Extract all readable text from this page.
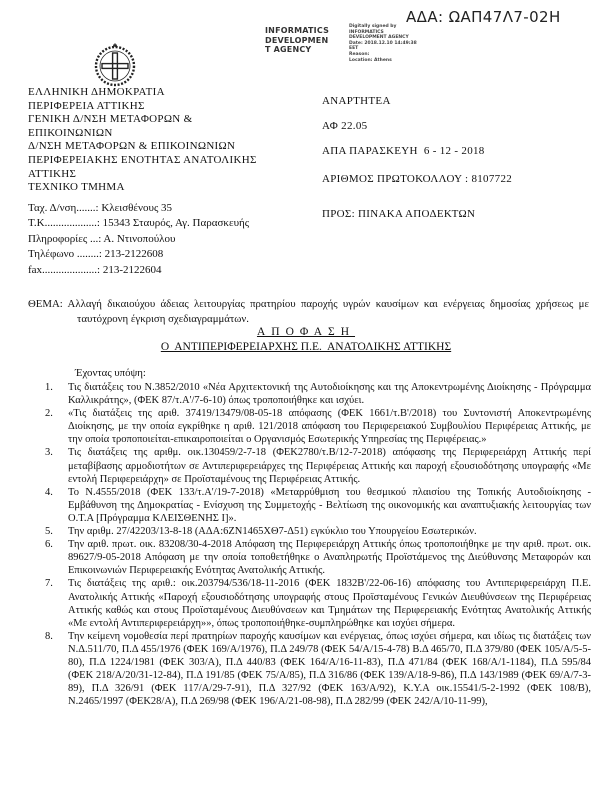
ΑΔΑ: ΩΑΠ47Λ7-02Η
INFORMATICS
DEVELOPMEN
T AGENCY
Digitally signed by
INFORMATICS
DEVELOPMENT AGENCY
Date: 2018.12.10 14:49:38
EET
Reason:
Location: Athens
ΕΛΛΗΝΙΚΗ ΔΗΜΟΚΡΑΤΙΑ
ΠΕΡΙΦΕΡΕΙΑ ΑΤΤΙΚΗΣ
ΓΕΝΙΚΗ Δ/ΝΣΗ ΜΕΤΑΦΟΡΩΝ & ΕΠΙΚΟΙΝΩΝΙΩΝ
Δ/ΝΣΗ ΜΕΤΑΦΟΡΩΝ & ΕΠΙΚΟΙΝΩΝΙΩΝ
ΠΕΡΙΦΕΡΕΙΑΚΗΣ ΕΝΟΤΗΤΑΣ ΑΝΑΤΟΛΙΚΗΣ ΑΤΤΙΚΗΣ
ΤΕΧΝΙΚΟ ΤΜΗΜΑ
ΑΝΑΡΤΗΤΕΑ
ΑΦ 22.05
ΑΠΑ ΠΑΡΑΣΚΕΥΗ  6 - 12 - 2018
ΑΡΙΘΜΟΣ ΠΡΩΤΟΚΟΛΛΟΥ : 8107722
ΠΡΟΣ: ΠΙΝΑΚΑ ΑΠΟΔΕΚΤΩΝ
Ταχ. Δ/νση.......: Κλεισθένους 35
Τ.Κ...................: 15343 Σταυρός, Αγ. Παρασκευής
Πληροφορίες ...: Α. Ντινοπούλου
Τηλέφωνο ........: 213-2122608
fax....................: 213-2122604
ΘΕΜΑ: Αλλαγή δικαιούχου άδειας λειτουργίας πρατηρίου παροχής υγρών καυσίμων και ενέργειας δημοσίας χρήσεως με ταυτόχρονη έγκριση σχεδιαγραμμάτων.
ΑΠΟΦΑΣΗ
Ο  ΑΝΤΙΠΕΡΙΦΕΡΕΙΑΡΧΗΣ Π.Ε.  ΑΝΑΤΟΛΙΚΗΣ ΑΤΤΙΚΗΣ
Έχοντας υπόψη:
1.	Τις διατάξεις του Ν.3852/2010 «Νέα Αρχιτεκτονική της Αυτοδιοίκησης και της Αποκεντρωμένης Διοίκησης - Πρόγραμμα Καλλικράτης», (ΦΕΚ 87/τ.Α'/7-6-10) όπως τροποποιήθηκε και ισχύει.
2.	«Τις διατάξεις της αριθ. 37419/13479/08-05-18 απόφασης (ΦΕΚ 1661/τ.Β'/2018) του Συντονιστή Αποκεντρωμένης Διοίκησης, με την οποία εγκρίθηκε η αριθ. 121/2018 απόφαση του Περιφερειακού Συμβουλίου Περιφέρειας Αττικής, με την οποία τροποποιείται-επικαιροποιείται ο Οργανισμός Εσωτερικής Υπηρεσίας της Περιφέρειας.»
3.	Τις διατάξεις της αριθμ. οικ.130459/2-7-18 (ΦΕΚ2780/τ.Β/12-7-2018) απόφασης της Περιφερειάρχη Αττικής περί μεταβίβασης αρμοδιοτήτων σε Αντιπεριφερειάρχες της Περιφέρειας Αττικής και παροχή εξουσιοδότησης υπογραφής «Με εντολή Περιφερειάρχη» σε Προϊσταμένους της Περιφέρειας Αττικής.
4.	Το Ν.4555/2018 (ΦΕΚ 133/τ.Α'/19-7-2018) «Μεταρρύθμιση του θεσμικού πλαισίου της Τοπικής Αυτοδιοίκησης - Εμβάθυνση της Δημοκρατίας - Ενίσχυση της Συμμετοχής - Βελτίωση της οικονομικής και αναπτυξιακής λειτουργίας των Ο.Τ.Α [Πρόγραμμα ΚΛΕΙΣΘΕΝΗΣ Ι]».
5.	Την αριθμ. 27/42203/13-8-18 (ΑΔΑ:6ΖΝ1465ΧΘ7-Δ51) εγκύκλιο του Υπουργείου Εσωτερικών.
6.	Την αριθ. πρωτ. οικ. 83208/30-4-2018 Απόφαση της Περιφερειάρχη Αττικής όπως τροποποιήθηκε με την αριθ. πρωτ. οικ. 89627/9-05-2018 Απόφαση με την οποία τοποθετήθηκε ο Αναπληρωτής Προϊστάμενος της Διεύθυνσης Μεταφορών και Επικοινωνιών Περιφερειακής Ενότητας Ανατολικής Αττικής.
7.	Τις διατάξεις της αριθ.: οικ.203794/536/18-11-2016 (ΦΕΚ 1832Β'/22-06-16) απόφασης του Αντιπεριφερειάρχη Π.Ε. Ανατολικής Αττικής «Παροχή εξουσιοδότησης υπογραφής στους Προϊσταμένους Γενικών Διευθύνσεων της Περιφέρειας Αττικής καθώς και στους Προϊσταμένους Διευθύνσεων και Τμημάτων της Περιφερειακής Ενότητας Ανατολικής Αττικής «Με εντολή Αντιπεριφερειάρχη»», όπως τροποποιήθηκε-συμπληρώθηκε και ισχύει σήμερα.
8.	Την κείμενη νομοθεσία περί πρατηρίων παροχής καυσίμων και ενέργειας, όπως ισχύει σήμερα, και ιδίως τις διατάξεις των Ν.Δ.511/70, Π.Δ 455/1976 (ΦΕΚ 169/Α/1976), Π.Δ 249/78 (ΦΕΚ 54/Α/15-4-78) Β.Δ 465/70, Π.Δ 379/80 (ΦΕΚ 105/Α/5-5-80), Π.Δ 1224/1981 (ΦΕΚ 303/Α), Π.Δ 440/83 (ΦΕΚ 164/Α/16-11-83), Π.Δ 471/84 (ΦΕΚ 168/Α/1-1184), Π.Δ 595/84 (ΦΕΚ 218/Α/20/31-12-84), Π.Δ 191/85 (ΦΕΚ 75/Α/85), Π.Δ 316/86 (ΦΕΚ 139/Α/18-9-86), Π.Δ 143/1989 (ΦΕΚ 69/Α/7-3-89), Π.Δ 326/91 (ΦΕΚ 117/Α/29-7-91), Π.Δ 327/92 (ΦΕΚ 163/Α/92), Κ.Υ.Α οικ.15541/5-2-1992 (ΦΕΚ 108/Β), Ν.2465/1997 (ΦΕΚ28/Α), Π.Δ 269/98 (ΦΕΚ 196/Α/21-08-98), Π.Δ 282/99 (ΦΕΚ 242/Α/10-11-99),
